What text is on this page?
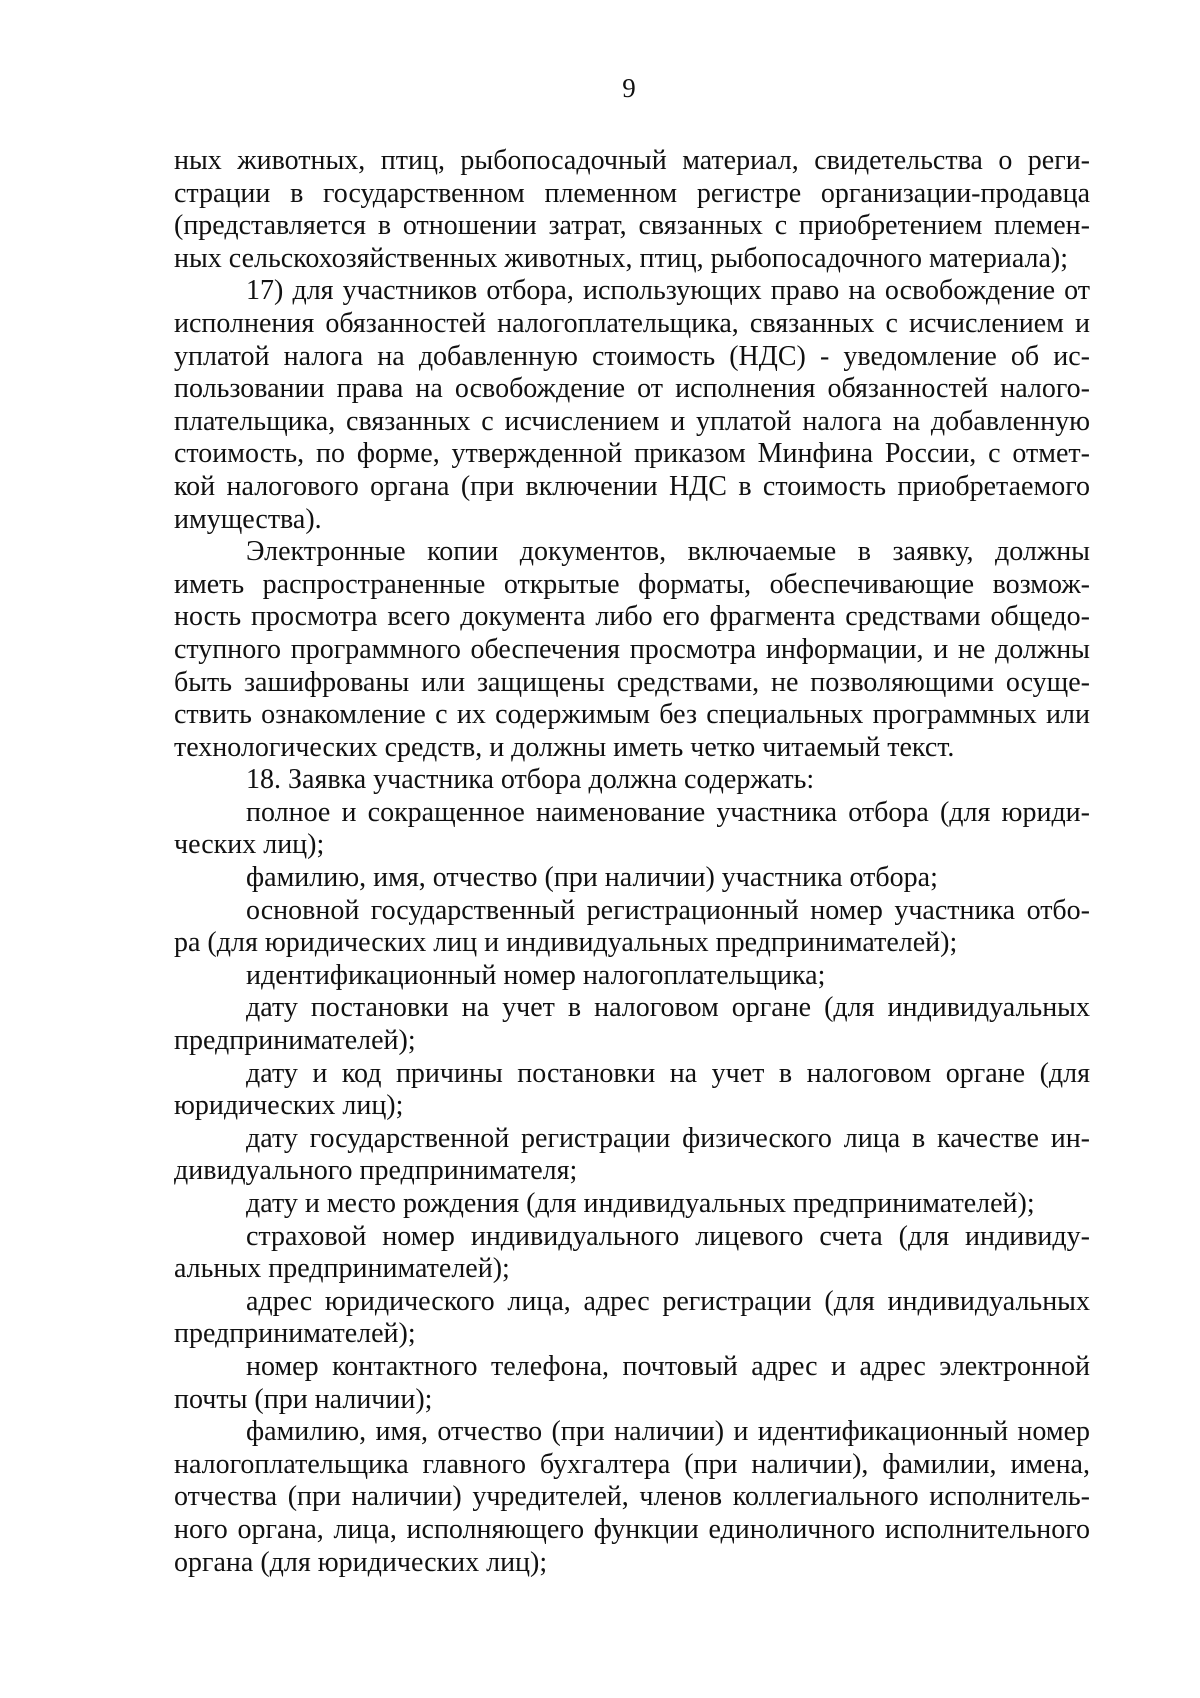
9
ных животных, птиц, рыбопосадочный материал, свидетельства о реги-
страции в государственном племенном регистре организации-продавца
(представляется в отношении затрат, связанных с приобретением племен-
ных сельскохозяйственных животных, птиц, рыбопосадочного материала);
17) для участников отбора, использующих право на освобождение от
исполнения обязанностей налогоплательщика, связанных с исчислением и
уплатой налога на добавленную стоимость (НДС) - уведомление об ис-
пользовании права на освобождение от исполнения обязанностей налого-
плательщика, связанных с исчислением и уплатой налога на добавленную
стоимость, по форме, утвержденной приказом Минфина России, с отмет-
кой налогового органа (при включении НДС в стоимость приобретаемого
имущества).
Электронные копии документов, включаемые в заявку, должны
иметь распространенные открытые форматы, обеспечивающие возмож-
ность просмотра всего документа либо его фрагмента средствами общедо-
ступного программного обеспечения просмотра информации, и не должны
быть зашифрованы или защищены средствами, не позволяющими осуще-
ствить ознакомление с их содержимым без специальных программных или
технологических средств, и должны иметь четко читаемый текст.
18. Заявка участника отбора должна содержать:
полное и сокращенное наименование участника отбора (для юриди-
ческих лиц);
фамилию, имя, отчество (при наличии) участника отбора;
основной государственный регистрационный номер участника отбо-
ра (для юридических лиц и индивидуальных предпринимателей);
идентификационный номер налогоплательщика;
дату постановки на учет в налоговом органе (для индивидуальных
предпринимателей);
дату и код причины постановки на учет в налоговом органе (для
юридических лиц);
дату государственной регистрации физического лица в качестве ин-
дивидуального предпринимателя;
дату и место рождения (для индивидуальных предпринимателей);
страховой номер индивидуального лицевого счета (для индивиду-
альных предпринимателей);
адрес юридического лица, адрес регистрации (для индивидуальных
предпринимателей);
номер контактного телефона, почтовый адрес и адрес электронной
почты (при наличии);
фамилию, имя, отчество (при наличии) и идентификационный номер
налогоплательщика главного бухгалтера (при наличии), фамилии, имена,
отчества (при наличии) учредителей, членов коллегиального исполнитель-
ного органа, лица, исполняющего функции единоличного исполнительного
органа (для юридических лиц);
